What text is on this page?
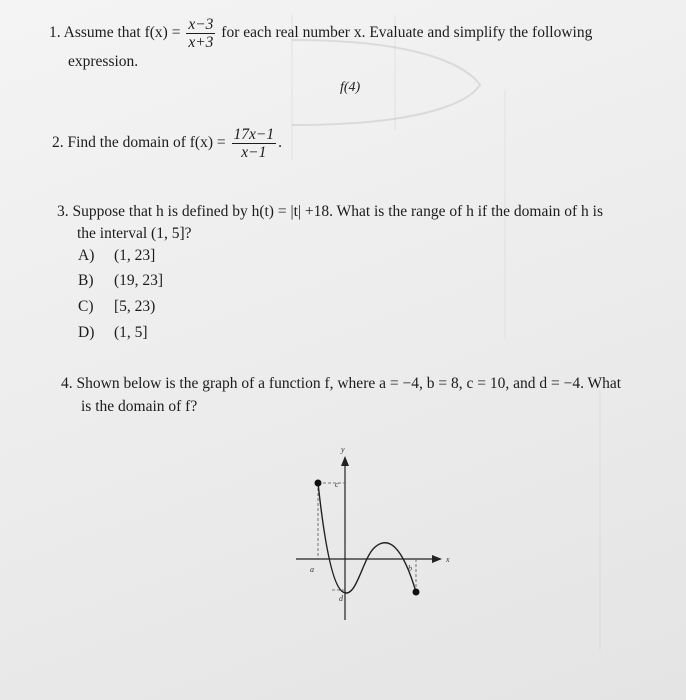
1. Assume that $f(x) = \frac{x-3}{x+3}$ for each real number x. Evaluate and simplify the following
expression.
f(4)
2. Find the domain of $f(x) = \frac{17x-1}{x-1}$ .
3. Suppose that h is defined by h(t) = |t| +18. What is the range of h if the domain of h is
the interval (1, 5]?
A) (1, 23]
B) (19, 23]
C) [5, 23)
D) (1, 5]
4. Shown below is the graph of a function f, where a = −4, b = 8, c = 10, and d = −4. What
is the domain of f?
y
x
c
a	b
d
